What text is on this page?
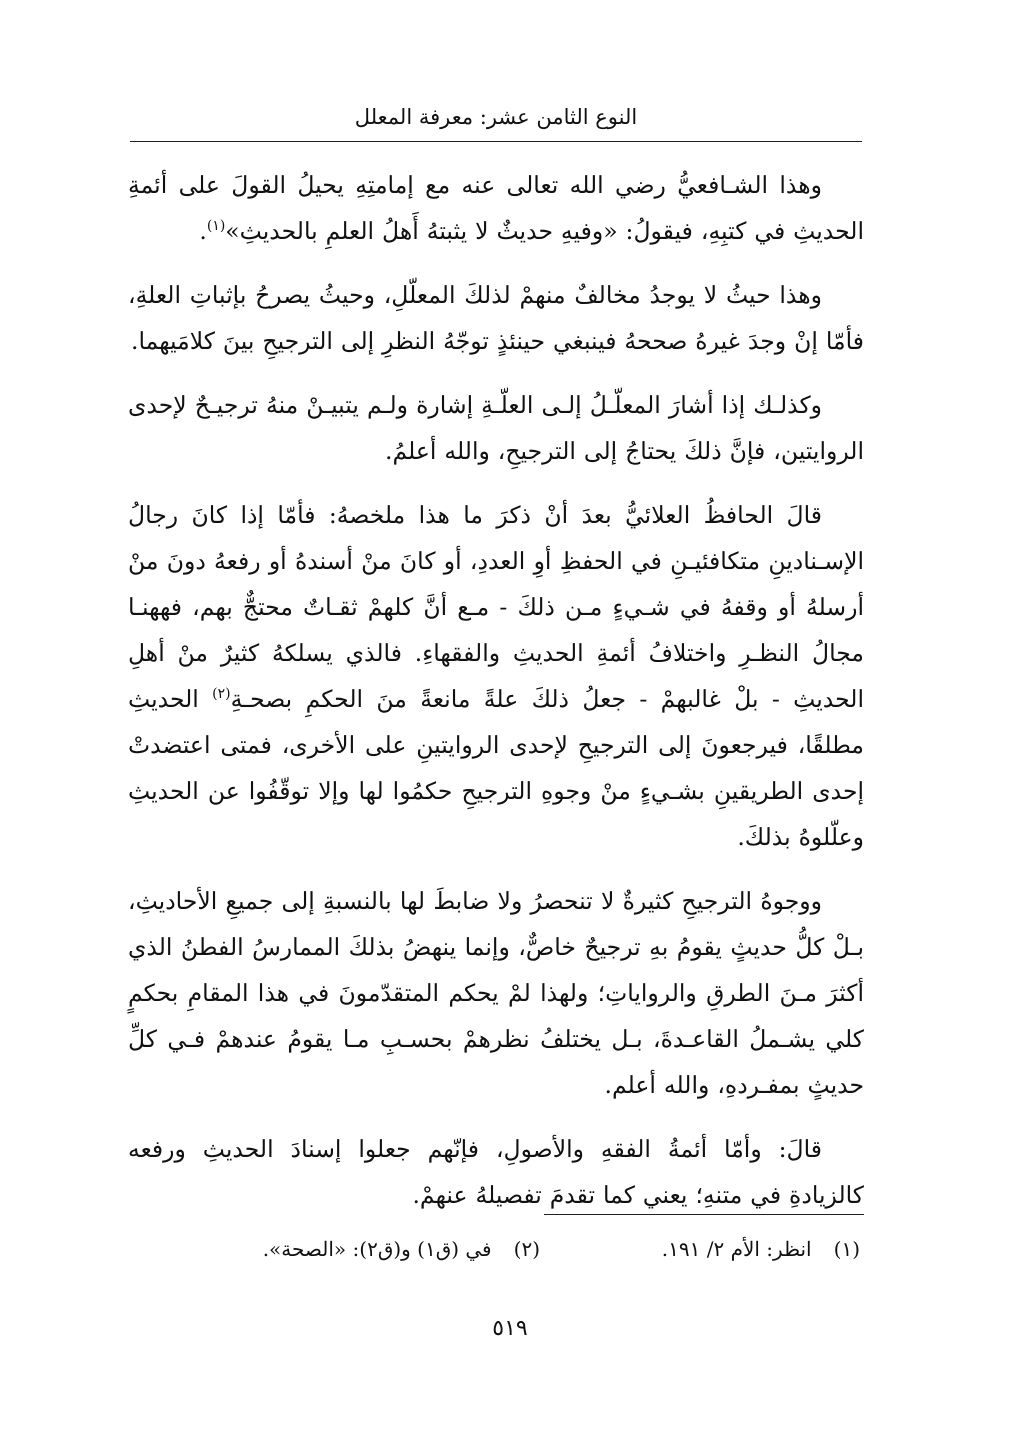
النوع الثامن عشر: معرفة المعلل

وهذا الشـافعيُّ رضي الله تعالى عنه مع إمامتِهِ يحيلُ القولَ على أئمةِ الحديثِ في كتبِهِ، فيقولُ: «وفيهِ حديثٌ لا يثبتهُ أَهلُ العلمِ بالحديثِ»$^{(١)}$.

وهذا حيثُ لا يوجدُ مخالفٌ منهمْ لذلكَ المعلّلِ، وحيثُ يصرحُ بإثباتِ العلةِ، فأمّا إنْ وجدَ غيرهُ صححهُ فينبغي حينئذٍ توجّهُ النظرِ إلى الترجيحِ بينَ كلامَيهما.

وكذلـك إذا أشارَ المعلّـلُ إلـى العلّـةِ إشارة ولـم يتبيـنْ منهُ ترجيـحٌ لإحدى الروايتين، فإنَّ ذلكَ يحتاجُ إلى الترجيحِ، والله أعلمُ.

قالَ الحافظُ العلائيُّ بعدَ أنْ ذكرَ ما هذا ملخصهُ: فأمّا إذا كانَ رجالُ الإسـنادينِ متكافئيـنِ في الحفظِ أوِ العددِ، أو كانَ منْ أسندهُ أو رفعهُ دونَ منْ أرسلهُ أو وقفهُ في شـيءٍ مـن ذلكَ - مـع أنَّ كلهمْ ثقـاتٌ محتجٌّ بهم، فههنـا مجالُ النظـرِ واختلافُ أئمةِ الحديثِ والفقهاءِ. فالذي يسلكهُ كثيرٌ منْ أهلِ الحديثِ - بلْ غالبهمْ - جعلُ ذلكَ علةً مانعةً منَ الحكمِ بصحـةِ$^{(٢)}$ الحديثِ مطلقًا، فيرجعونَ إلى الترجيحِ لإحدى الروايتينِ على الأخرى، فمتى اعتضدتْ إحدى الطريقينِ بشـيءٍ منْ وجوهِ الترجيحِ حكمُوا لها وإلا توقّفُوا عن الحديثِ وعلّلوهُ بذلكَ.

ووجوهُ الترجيحِ كثيرةٌ لا تنحصرُ ولا ضابطَ لها بالنسبةِ إلى جميعِ الأحاديثِ، بـلْ كلُّ حديثٍ يقومُ بهِ ترجيحٌ خاصٌّ، وإنما ينهضُ بذلكَ الممارسُ الفطنُ الذي أكثرَ مـنَ الطرقِ والرواياتِ؛ ولهذا لمْ يحكم المتقدّمونَ في هذا المقامِ بحكمٍ كلي يشـملُ القاعـدةَ، بـل يختلفُ نظرهمْ بحسـبِ مـا يقومُ عندهمْ فـي كلِّ حديثٍ بمفـردهِ، والله أعلم.

قالَ: وأمّا أئمةُ الفقهِ والأصولِ، فإنّهم جعلوا إسنادَ الحديثِ ورفعه كالزيادةِ في متنهِ؛ يعني كما تقدمَ تفصيلهُ عنهمْ.

(١)
انظر: الأم ٢/ ١٩١.
(٢)
في (ق١) و(ق٢): «الصحة».
٥١٩
